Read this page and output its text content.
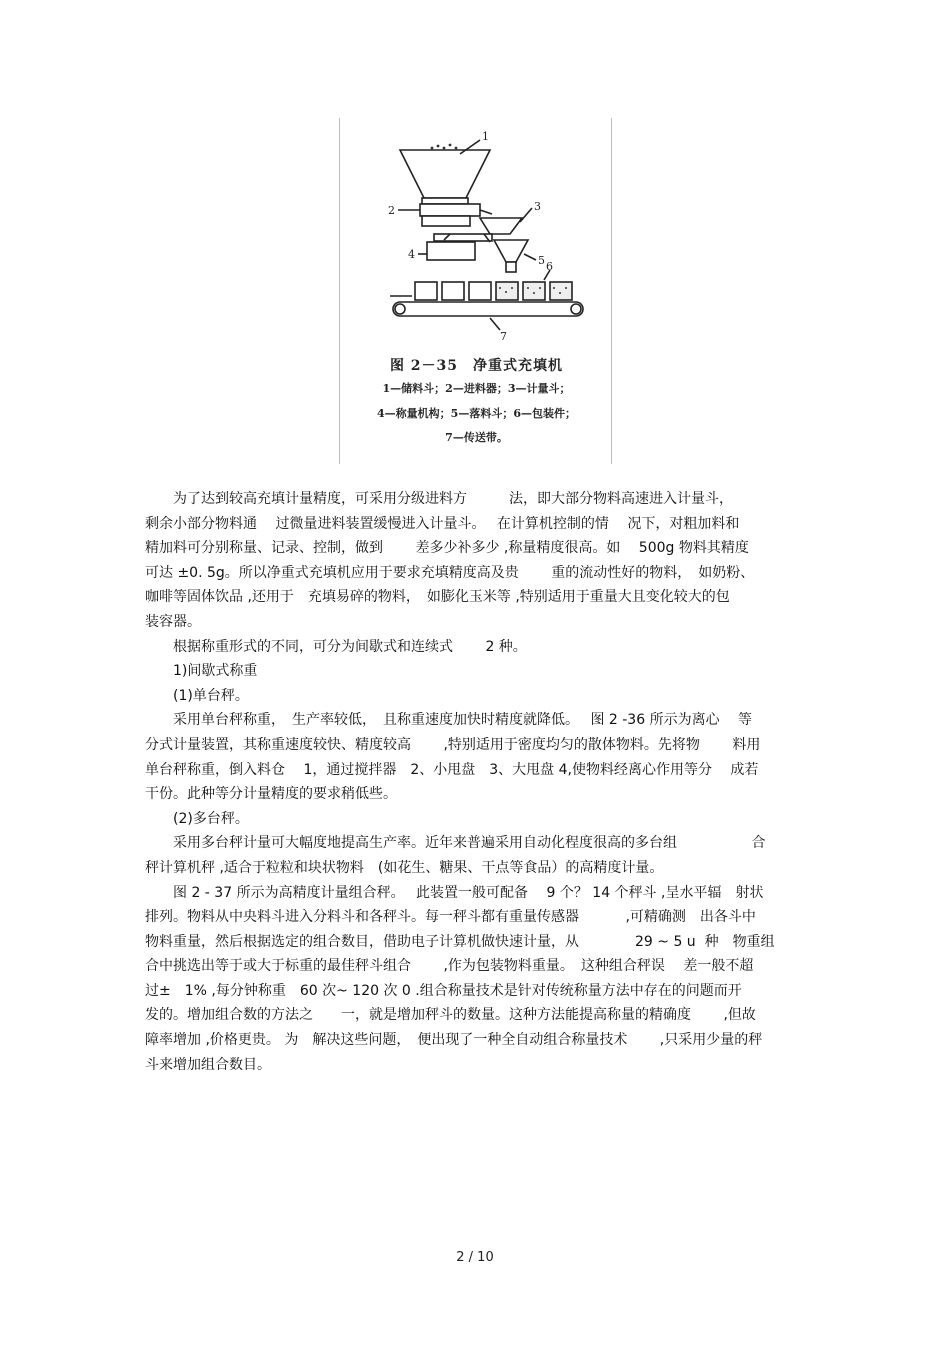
1
2	3
4	5 6
7
图 2－35　净重式充填机
1—储料斗；2—进料器；3—计量斗；
4—称量机构；5—落料斗；6—包装件；
7—传送带。
　　为了达到较高充填计量精度，可采用分级进料方　　　法，即大部分物料高速进入计量斗，
剩余小部分物料通　 过微量进料装置缓慢进入计量斗。　 在计算机控制的情　 况下，对粗加料和
精加料可分别称量、记录、控制，做到　　 差多少补多少 ,称量精度很高。如　 500g 物料其精度
可达 ±0. 5g。所以净重式充填机应用于要求充填精度高及贵　　 重的流动性好的物料，　如奶粉、
咖啡等固体饮品 ,还用于　充填易碎的物料，　如膨化玉米等 ,特别适用于重量大且变化较大的包
装容器。
　　根据称重形式的不同，可分为间歇式和连续式　　 2 种。
　　1)间歇式称重
　　(1)单台秤。
　　采用单台秤称重，　生产率较低，　且称重速度加快时精度就降低。　 图 2 -36 所示为离心　 等
分式计量装置，其称重速度较快、精度较高　　 ,特别适用于密度均匀的散体物料。先将物　　 料用
单台秤称重，倒入料仓　 1，通过搅拌器　2、小甩盘　3、大甩盘 4,使物料经离心作用等分　 成若
干份。此种等分计量精度的要求稍低些。
　　(2)多台秤。
　　采用多台秤计量可大幅度地提高生产率。近年来普遍采用自动化程度很高的多台组　　　　　 合
秤计算机秤 ,适合于粒粒和块状物料　(如花生、糖果、干点等食品）的高精度计量。
　　图 2 - 37 所示为高精度计量组合秤。　 此装置一般可配备　 9 个？ 14 个秤斗 ,呈水平辐　射状
排列。物料从中央料斗进入分料斗和各秤斗。每一秤斗都有重量传感器　　　 ,可精确测　出各斗中
物料重量，然后根据选定的组合数目，借助电子计算机做快速计量，从　　　　29 ~ 5 u  种　物重组
合中挑选出等于或大于标重的最佳秤斗组合　　 ,作为包装物料重量。　这种组合秤误　 差一般不超
过±　1% ,每分钟称重　60 次~ 120 次 0 .组合称量技术是针对传统称量方法中存在的问题而开
发的。增加组合数的方法之　　一，就是增加秤斗的数量。这种方法能提高称量的精确度　　 ,但故
障率增加 ,价格更贵。 为　解决这些问题，　便出现了一种全自动组合称量技术　　 ,只采用少量的秤
斗来增加组合数目。
2 / 10
